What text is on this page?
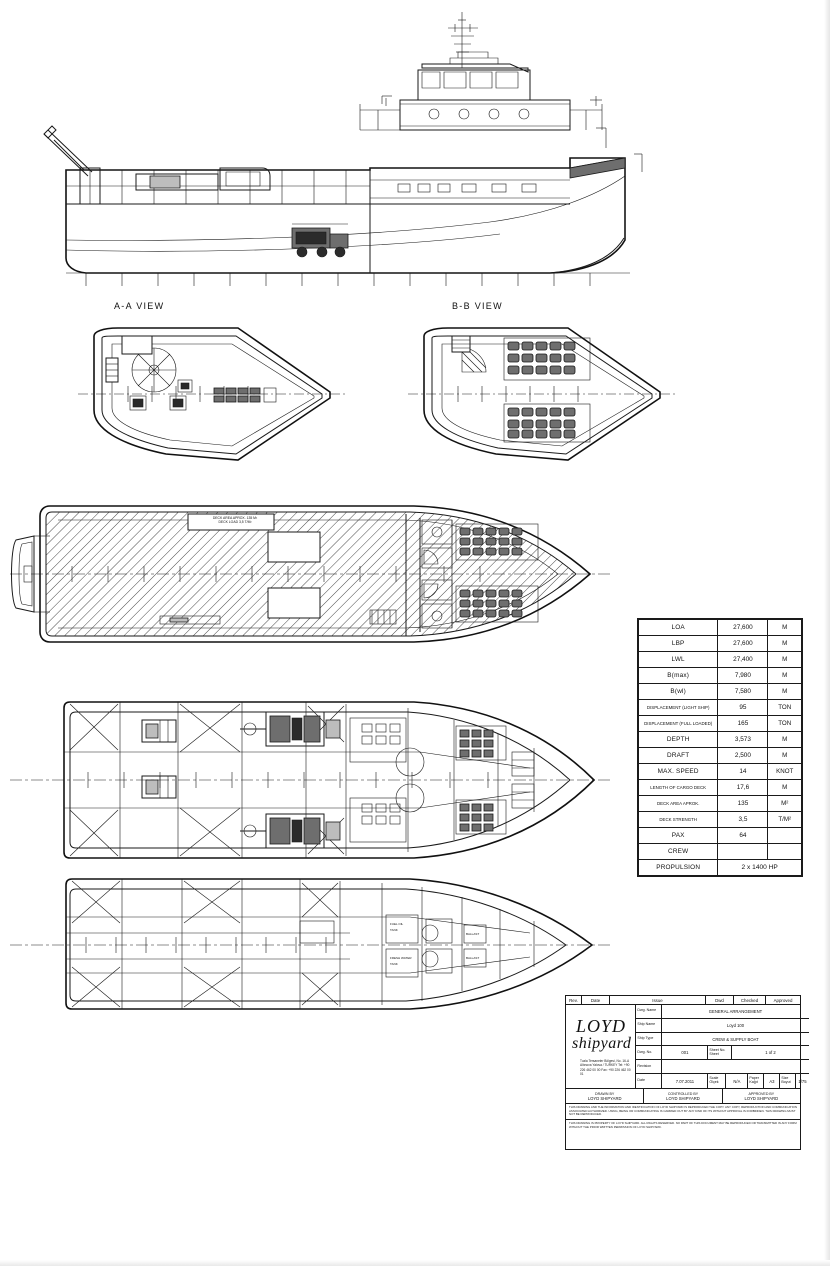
A-A VIEW	B-B VIEW
DECK AREA APROX. 135 M²
DECK LOAD 3,5 T/M²
FUEL OIL
TANK
FRESH WATER
TANK
BALLAST
BALLAST
LOA	27,600	M
LBP	27,600	M
LWL	27,400	M
B(max)	7,980	M
B(wl)	7,580	M
DISPLACEMENT (LIGHT SHIP)	95	TON
DISPLACEMENT (FULL LOADED)	165	TON
DEPTH	3,573	M
DRAFT	2,500	M
MAX. SPEED	14	KNOT
LENGTH OF CARGO DECK	17,6	M
DECK AREA APROK.	135	M²
DECK STRENGTH	3,5	T/M²
PAX	64	
CREW		
PROPULSION	2 x 1400 HP	
Rev.	Date	Issue	Dwd	Checked	Approved
LOYD
shipyard
Tuzla Tersaneler Bölgesi, No. 16-A Altınova Yalova / TURKEY Tel: +90 226 462 00 00 Fax: +90 226 462 00 01
Dwg. Name	GENERAL ARRANGEMENT
Ship Name	Loyd 100
Ship Type	CREW & SUPPLY BOAT
Dwg. No.	001
Sheet No. Sheet	1 of 2
Revision
Date	7.07.2011
Scale Ölçek	N/A
Paper Kağıt	A3
Size Boyut	1/75
DRAWN BY
LOYD SHIPYARD
CONTROLLED BY
LOYD SHIPYARD
APPROVED BY
LOYD SHIPYARD
THIS DRAWING AND THE INFORMATION AND IDENTIFICATION OF LOYD SHIPYARD IS REPRODUCED THE COPY. ANY COPY, REPRODUCTION AND COMMUNICATION ASSOCIATED AUTHORIZED. USING, BEING OR COMMUNICATING IS CARRIED OUT BY ANY KIND OF ITS WITHOUT APPROVAL IS FORBIDDEN. THIS DRAWING MUST NOT BE REPRODUCED.
THIS DRAWING IS PROPERTY OF LOYD SHIPYARD. ALL RIGHTS RESERVED. NO PART OF THIS DOCUMENT MAY BE REPRODUCED OR TRANSMITTED IN ANY FORM WITHOUT THE PRIOR WRITTEN PERMISSION OF LOYD SHIPYARD.
